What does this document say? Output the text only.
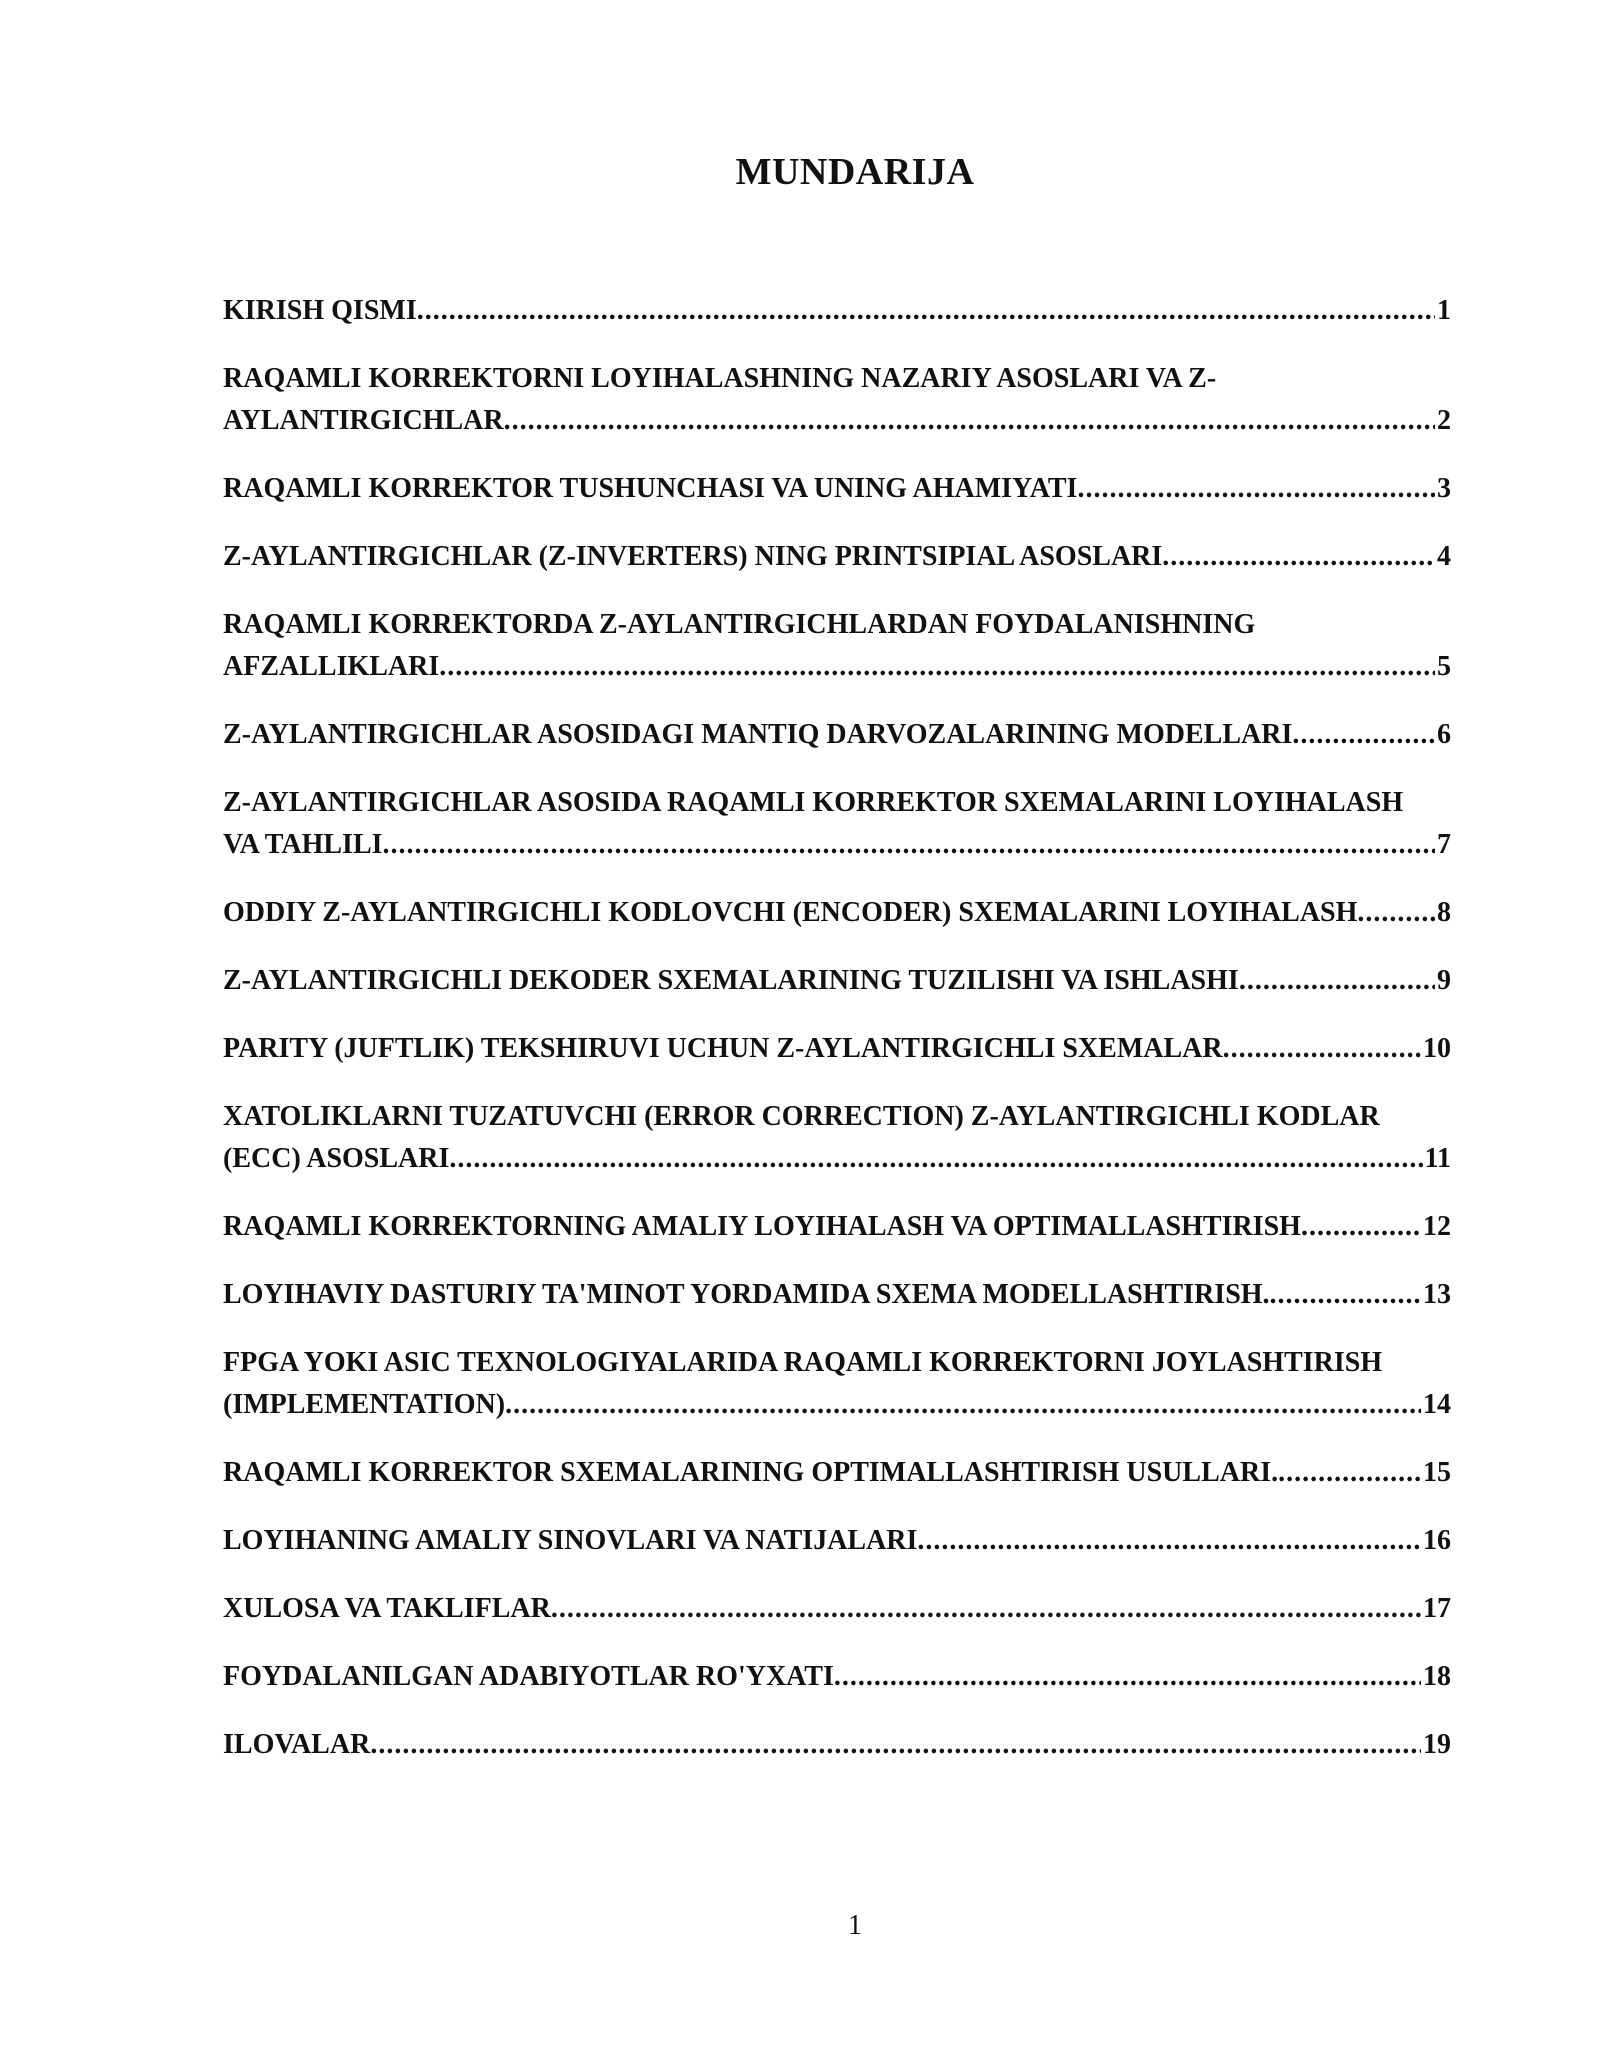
MUNDARIJA
KIRISH QISMI .....	1
RAQAMLI KORREKTORNI LOYIHALASHNING NAZARIY ASOSLARI VA Z-AYLANTIRGICHLAR .....	2
RAQAMLI KORREKTOR TUSHUNCHASI VA UNING AHAMIYATI .....	3
Z-AYLANTIRGICHLAR (Z-INVERTERS) NING PRINTSIPIAL ASOSLARI .....	4
RAQAMLI KORREKTORDA Z-AYLANTIRGICHLARDAN FOYDALANISHNING AFZALLIKLARI .....	5
Z-AYLANTIRGICHLAR ASOSIDAGI MANTIQ DARVOZALARINING MODELLARI .....	6
Z-AYLANTIRGICHLAR ASOSIDA RAQAMLI KORREKTOR SXEMALARINI LOYIHALASH VA TAHLILI .....	7
ODDIY Z-AYLANTIRGICHLI KODLOVCHI (ENCODER) SXEMALARINI LOYIHALASH .....	8
Z-AYLANTIRGICHLI DEKODER SXEMALARINING TUZILISHI VA ISHLASHI .....	9
PARITY (JUFTLIK) TEKSHIRUVI UCHUN Z-AYLANTIRGICHLI SXEMALAR .....	10
XATOLIKLARNI TUZATUVCHI (ERROR CORRECTION) Z-AYLANTIRGICHLI KODLAR (ECC) ASOSLARI .....	11
RAQAMLI KORREKTORNING AMALIY LOYIHALASH VA OPTIMALLASHTIRISH .....	12
LOYIHAVIY DASTURIY TA'MINOT YORDAMIDA SXEMA MODELLASHTIRISH. .....	13
FPGA YOKI ASIC TEXNOLOGIYALARIDA RAQAMLI KORREKTORNI JOYLASHTIRISH (IMPLEMENTATION) .....	14
RAQAMLI KORREKTOR SXEMALARINING OPTIMALLASHTIRISH USULLARI. .....	15
LOYIHANING AMALIY SINOVLARI VA NATIJALARI .....	16
XULOSA VA TAKLIFLAR .....	17
FOYDALANILGAN ADABIYOTLAR RO'YXATI .....	18
ILOVALAR .....	19
1
